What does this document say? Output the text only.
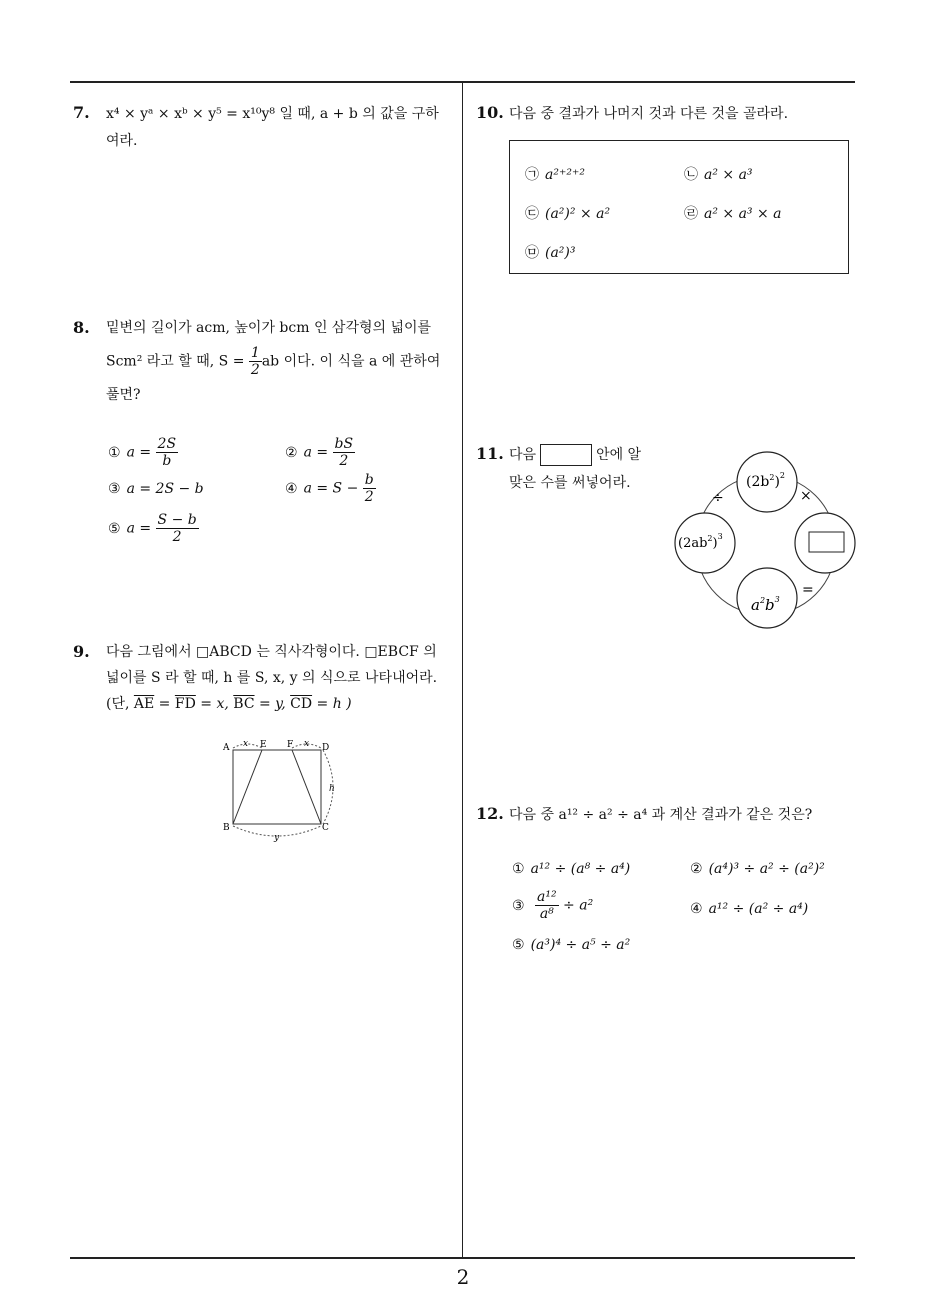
2
7. x⁴ × yᵃ × xᵇ × y⁵ = x¹⁰y⁸ 일 때, a + b 의 값을 구하
여라.
8. 밑변의 길이가 acm, 높이가 bcm 인 삼각형의 넓이를
Scm² 라고 할 때, $S = \frac{1}{2}$ ab 이다. 이 식을 a 에 관하여
풀면?
① $a = \frac{2S}{b}$	② $a = \frac{bS}{2}$
③ a = 2S − b	④ $a = S - \frac{b}{2}$
⑤ $a = \frac{S - b}{2}$
9. 다음 그림에서 □ABCD 는 직사각형이다. □EBCF 의
넓이를 S 라 할 때, h 를 S, x, y 의 식으로 나타내어라.
(단, $\overline{AE} = \overline{FD} = x$, $\overline{BC} = y$, $\overline{CD} = h$ )
A	E F	D
B	C
x	x
y
h
10. 다음 중 결과가 나머지 것과 다른 것을 골라라.
㉠ a²⁺²⁺²	㉡ a² × a³
㉢ (a²)² × a²	㉣ a² × a³ × a
㉤ (a²)³
11. 다음	안에 알
맞은 수를 써넣어라.	$(2b^2)^2$
$(2ab^2)^3$
$a^2b^3$
÷	×
=
12. 다음 중 a¹² ÷ a² ÷ a⁴ 과 계산 결과가 같은 것은?
① a¹² ÷ (a⁸ ÷ a⁴)	② (a⁴)³ ÷ a² ÷ (a²)²
③ $\frac{\text{a¹²}}{\text{a⁸}} \div a^2$	④ a¹² ÷ (a² ÷ a⁴)
⑤ (a³)⁴ ÷ a⁵ ÷ a²
